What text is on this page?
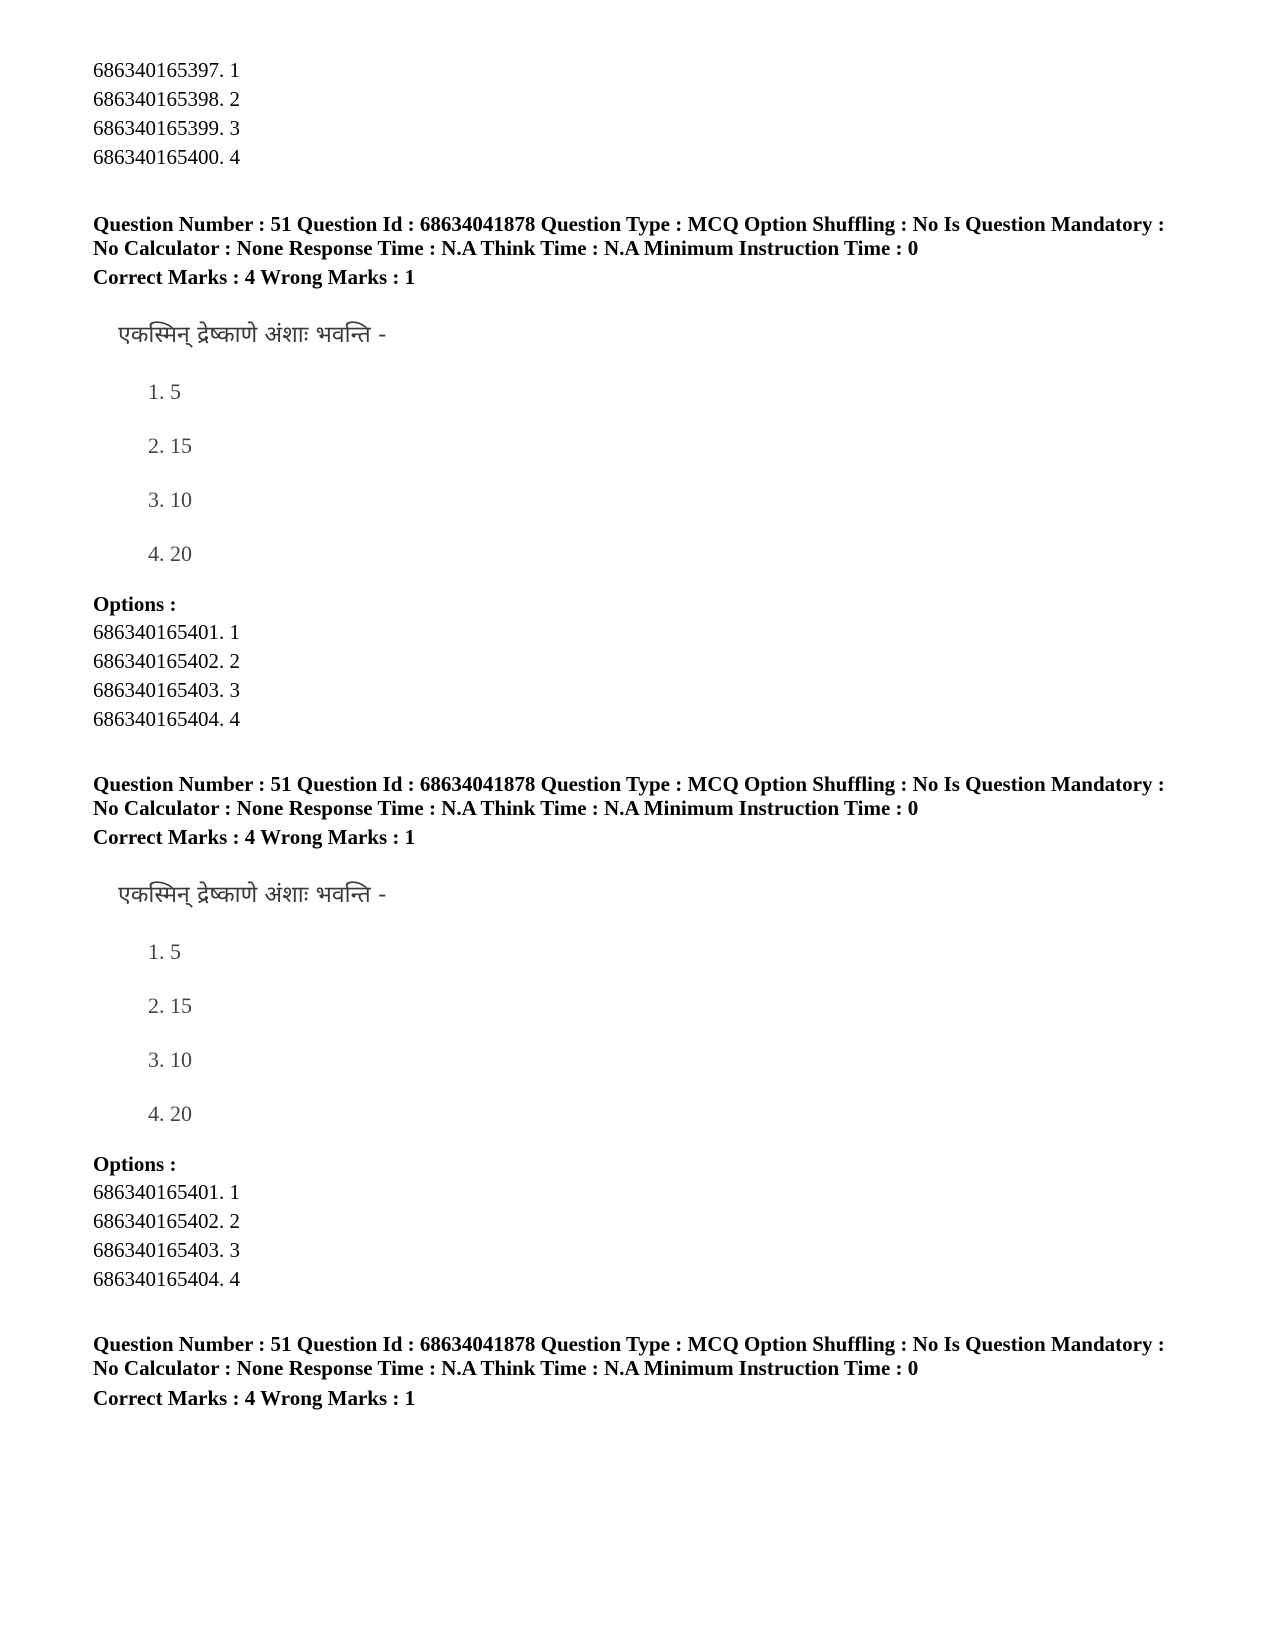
686340165397. 1
686340165398. 2
686340165399. 3
686340165400. 4
Question Number : 51 Question Id : 68634041878 Question Type : MCQ Option Shuffling : No Is Question Mandatory :
No Calculator : None Response Time : N.A Think Time : N.A Minimum Instruction Time : 0
Correct Marks : 4 Wrong Marks : 1
एकस्मिन् द्रेष्काणे अंशाः भवन्ति -
1. 5
2. 15
3. 10
4. 20
Options :
686340165401. 1
686340165402. 2
686340165403. 3
686340165404. 4
Question Number : 51 Question Id : 68634041878 Question Type : MCQ Option Shuffling : No Is Question Mandatory :
No Calculator : None Response Time : N.A Think Time : N.A Minimum Instruction Time : 0
Correct Marks : 4 Wrong Marks : 1
एकस्मिन् द्रेष्काणे अंशाः भवन्ति -
1. 5
2. 15
3. 10
4. 20
Options :
686340165401. 1
686340165402. 2
686340165403. 3
686340165404. 4
Question Number : 51 Question Id : 68634041878 Question Type : MCQ Option Shuffling : No Is Question Mandatory :
No Calculator : None Response Time : N.A Think Time : N.A Minimum Instruction Time : 0
Correct Marks : 4 Wrong Marks : 1
